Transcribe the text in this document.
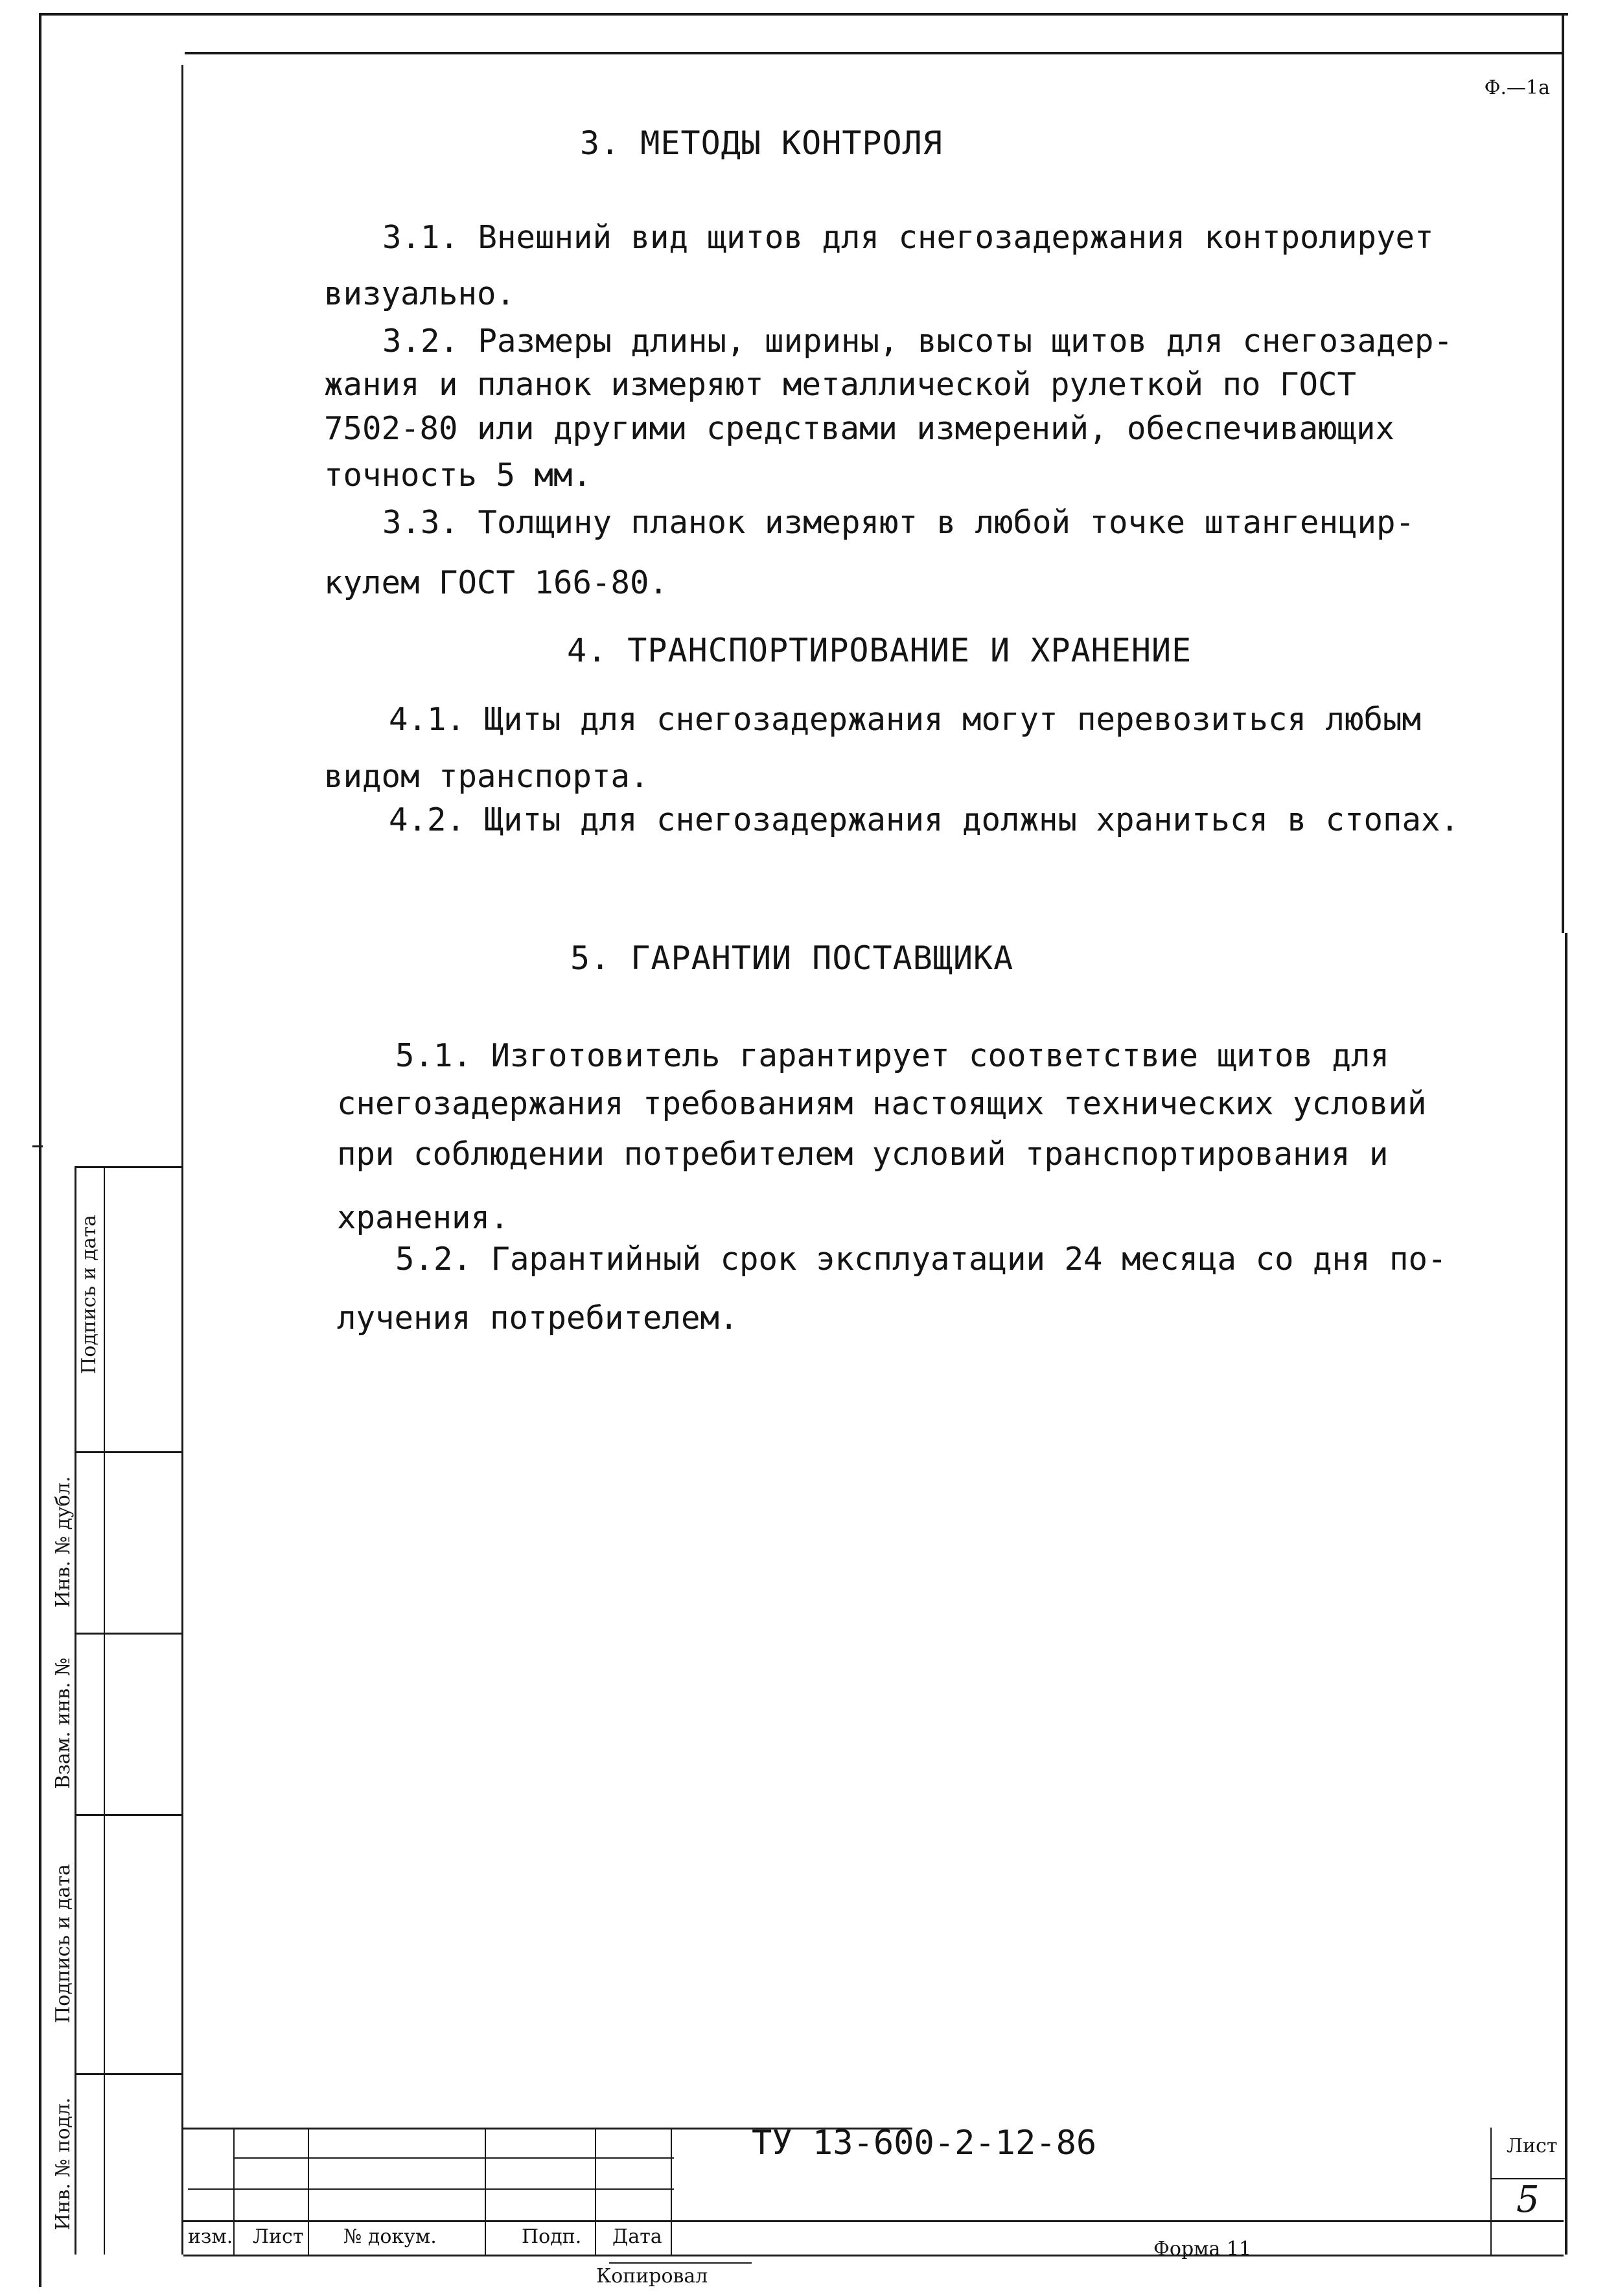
Ф.—1а
3. МЕТОДЫ КОНТРОЛЯ
3.1. Внешний вид щитов для снегозадержания контролирует
визуально.
3.2. Размеры длины, ширины, высоты щитов для снегозадер-
жания и планок измеряют металлической рулеткой по ГОСТ
7502-80 или другими средствами измерений, обеспечивающих
точность 5 мм.
3.3. Толщину планок измеряют в любой точке штангенцир-
кулем ГОСТ 166-80.
4. ТРАНСПОРТИРОВАНИЕ И ХРАНЕНИЕ
4.1. Щиты для снегозадержания могут перевозиться любым
видом транспорта.
4.2. Щиты для снегозадержания должны храниться в стопах.
5. ГАРАНТИИ ПОСТАВЩИКА
5.1. Изготовитель гарантирует соответствие щитов для
снегозадержания требованиям настоящих технических условий
при соблюдении потребителем условий транспортирования и
хранения.
5.2. Гарантийный срок эксплуатации 24 месяца со дня по-
лучения потребителем.
Подпись и дата
Инв. № дубл.
Взам. инв. №
Подпись и дата
Инв. № подл.	ТУ 13-600-2-12-86
изм. Лист № докум.	Подп. Дата
Лист
5
Копировал
Форма 11
